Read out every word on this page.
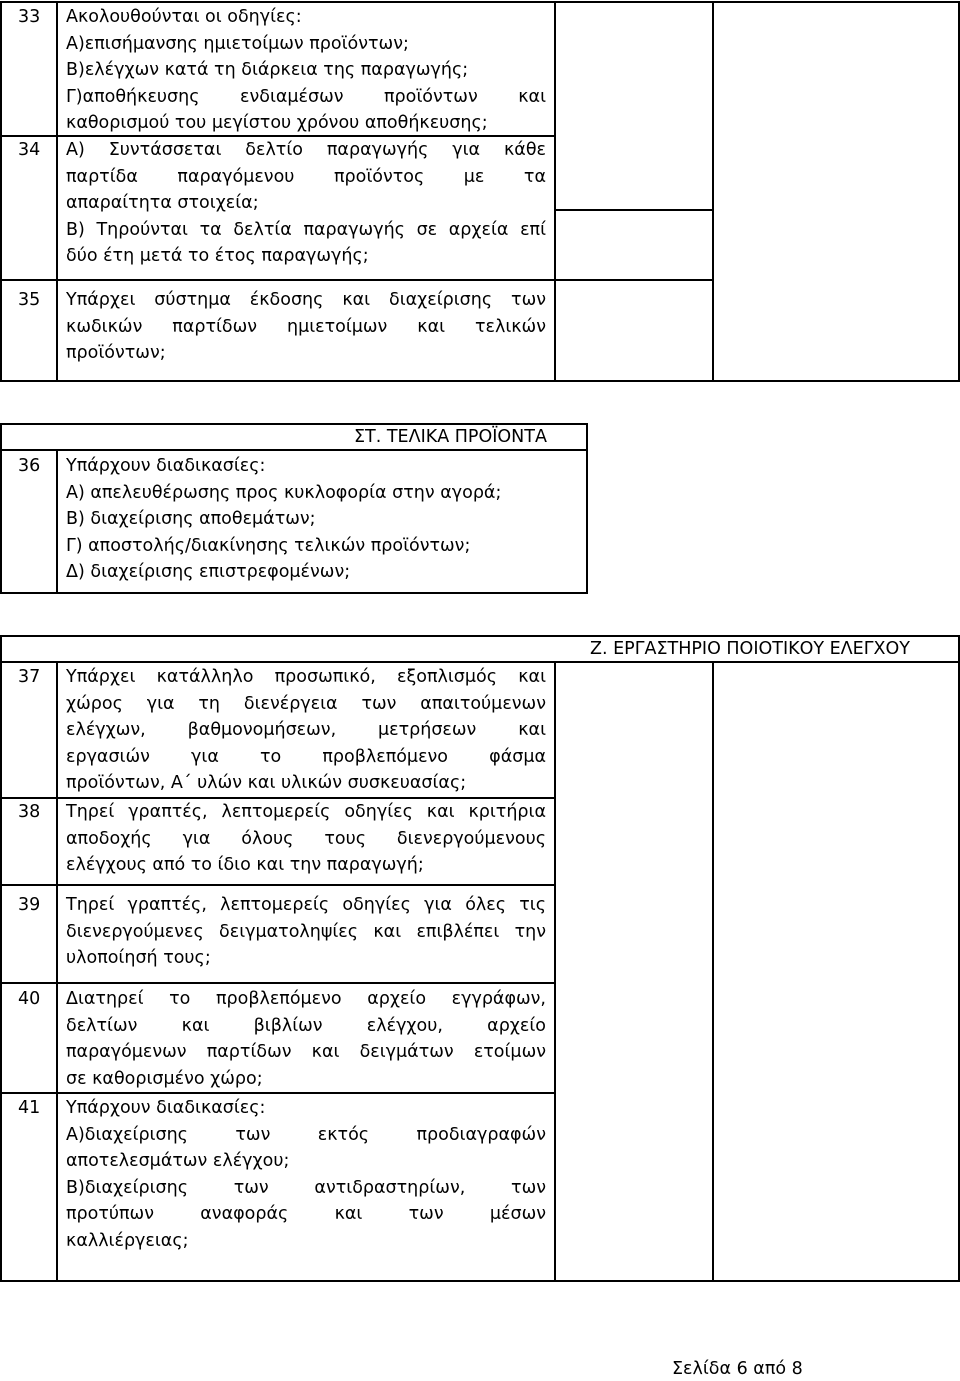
33	Ακολουθούνται οι οδηγίες:
Α)επισήμανσης ημιετοίμων προϊόντων;
Β)ελέγχων κατά τη διάρκεια της παραγωγής;
Γ)αποθήκευσης ενδιαμέσων προϊόντων και
καθορισμού του μεγίστου χρόνου αποθήκευσης;
34	Α) Συντάσσεται δελτίο παραγωγής για κάθε
παρτίδα παραγόμενου προϊόντος με τα
απαραίτητα στοιχεία;
Β) Τηρούνται τα δελτία παραγωγής σε αρχεία επί
δύο έτη μετά το έτος παραγωγής;
35	Υπάρχει σύστημα έκδοσης και διαχείρισης των
κωδικών παρτίδων ημιετοίμων και τελικών
προϊόντων;
ΣΤ. ΤΕΛΙΚΑ ΠΡΟΪΟΝΤΑ
36	Υπάρχουν διαδικασίες:
Α) απελευθέρωσης προς κυκλοφορία στην αγορά;
Β) διαχείρισης αποθεμάτων;
Γ) αποστολής/διακίνησης τελικών προϊόντων;
Δ) διαχείρισης επιστρεφομένων;
Ζ. ΕΡΓΑΣΤΗΡΙΟ ΠΟΙΟΤΙΚΟΥ ΕΛΕΓΧΟΥ
37	Υπάρχει κατάλληλο προσωπικό, εξοπλισμός και
χώρος για τη διενέργεια των απαιτούμενων
ελέγχων, βαθμονομήσεων, μετρήσεων και
εργασιών για το προβλεπόμενο φάσμα
προϊόντων, Α΄ υλών και υλικών συσκευασίας;
38	Τηρεί γραπτές, λεπτομερείς οδηγίες και κριτήρια
αποδοχής για όλους τους διενεργούμενους
ελέγχους από το ίδιο και την παραγωγή;
39	Τηρεί γραπτές, λεπτομερείς οδηγίες για όλες τις
διενεργούμενες δειγματοληψίες και επιβλέπει την
υλοποίησή τους;
40	Διατηρεί το προβλεπόμενο αρχείο εγγράφων,
δελτίων και βιβλίων ελέγχου, αρχείο
παραγόμενων παρτίδων και δειγμάτων ετοίμων
σε καθορισμένο χώρο;
41	Υπάρχουν διαδικασίες:
Α)διαχείρισης των εκτός προδιαγραφών
αποτελεσμάτων ελέγχου;
Β)διαχείρισης των αντιδραστηρίων, των
προτύπων αναφοράς και των μέσων
καλλιέργειας;
Σελίδα 6 από 8
